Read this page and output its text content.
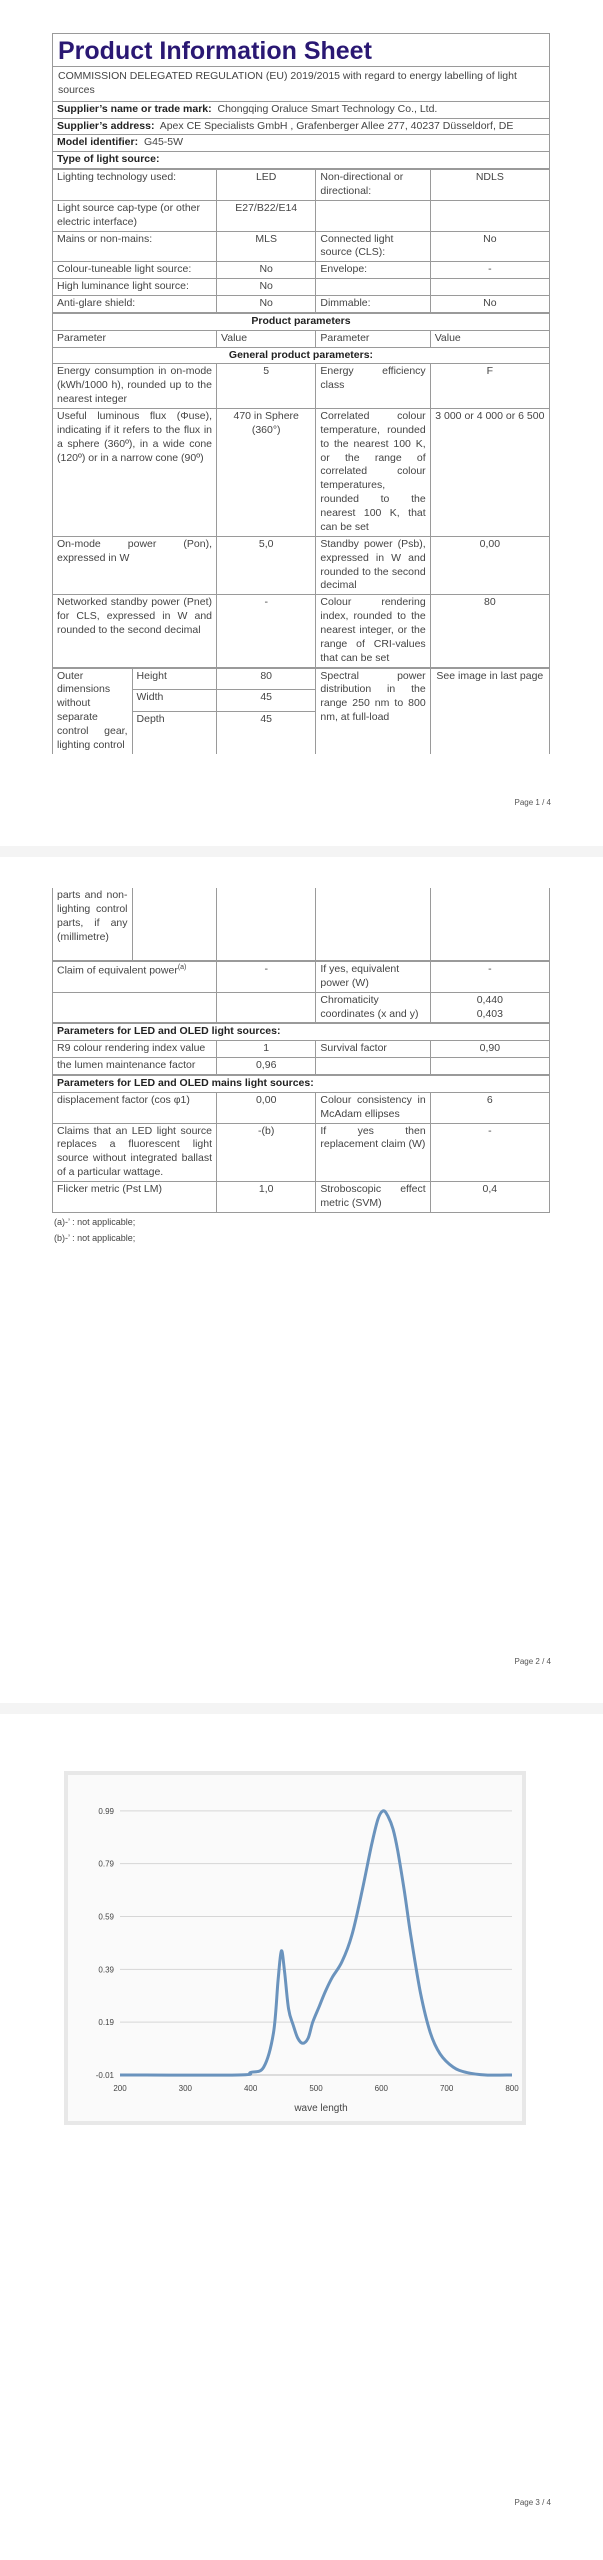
Product Information Sheet
COMMISSION DELEGATED REGULATION (EU) 2019/2015 with regard to energy labelling of light sources
Supplier’s name or trade mark: Chongqing Oraluce Smart Technology Co., Ltd.
Supplier’s address: Apex CE Specialists GmbH , Grafenberger Allee 277, 40237 Düsseldorf, DE
Model identifier: G45-5W
Type of light source:
Lighting technology used:	LED	Non-directional or directional:	NDLS
Light source cap-type (or other electric interface)	E27/B22/E14		
Mains or non-mains:	MLS	Connected light source (CLS):	No
Colour-tuneable light source:	No	Envelope:	-
High luminance light source:	No		
Anti-glare shield:	No	Dimmable:	No
Product parameters			
Parameter	Value	Parameter	Value
General product parameters:			
Energy consumption in on-mode (kWh/1000 h), rounded up to the nearest integer	5	Energy efficiency class	F
Useful luminous flux (Φuse), indicating if it refers to the flux in a sphere (360º), in a wide cone (120º) or in a narrow cone (90º)	470 in Sphere (360°)	Correlated colour temperature, rounded to the nearest 100 K, or the range of correlated colour temperatures, rounded to the nearest 100 K, that can be set	3 000 or 4 000 or 6 500
On-mode power (Pon), expressed in W	5,0	Standby power (Psb), expressed in W and rounded to the second decimal	0,00
Networked standby power (Pnet) for CLS, expressed in W and rounded to the second decimal	-	Colour rendering index, rounded to the nearest integer, or the range of CRI-values that can be set	80
Outer dimensions without separate control gear, lighting control	Height	80	Spectral power distribution in the range 250 nm to 800 nm, at full-load	See image in last page
	Width	45		
	Depth	45		

Page 1 / 4
parts and non-lighting control parts, if any (millimetre)				
Claim of equivalent power$^{(a)}$	-	If yes, equivalent power (W)	-
		Chromaticity coordinates (x and y)	0,440
0,403
Parameters for LED and OLED light sources:			
R9 colour rendering index value	1	Survival factor	0,90
the lumen maintenance factor	0,96		
Parameters for LED and OLED mains light sources:			
displacement factor (cos φ1)	0,00	Colour consistency in McAdam ellipses	6
Claims that an LED light source replaces a fluorescent light source without integrated ballast of a particular wattage.	-(b)	If yes then replacement claim (W)	-
Flicker metric (Pst LM)	1,0	Stroboscopic effect metric (SVM)	0,4
(a)-’ : not applicable;
(b)-’ : not applicable;
Page 2 / 4
Page 3 / 4
-0.01
0.19
0.39
0.59
0.79
0.99
200	300	400	500	600	700	800
wave length
